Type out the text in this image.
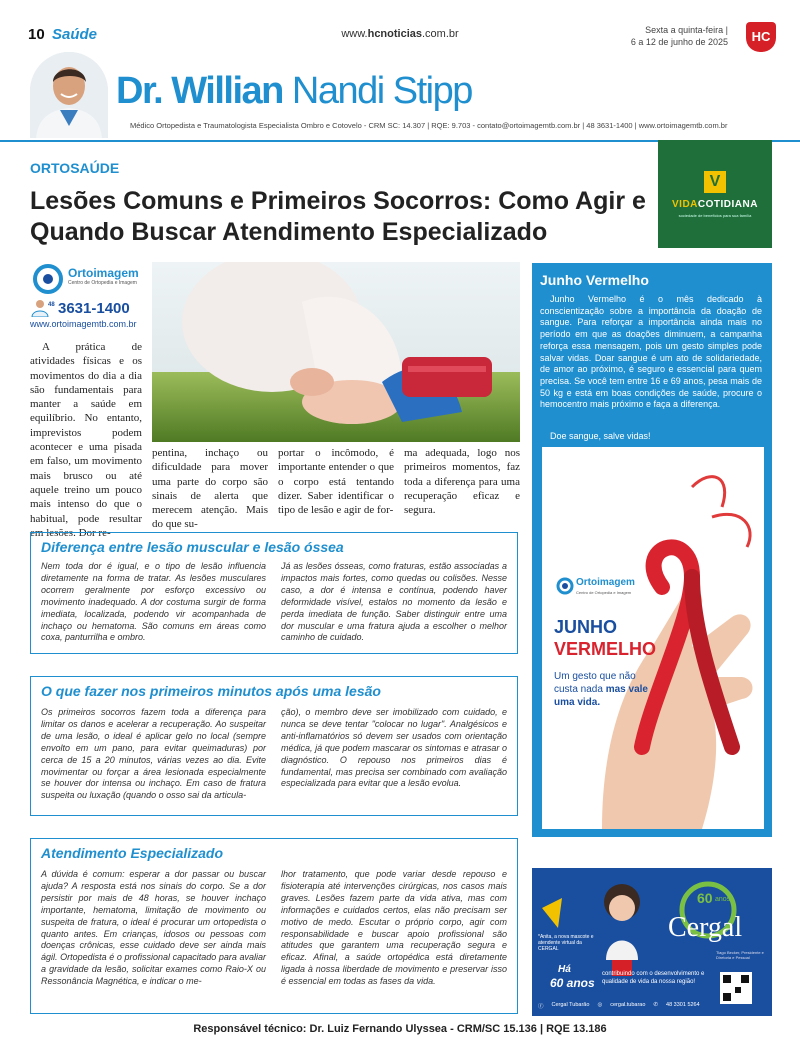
10 Saúde	www.hcnoticias.com.br	Sexta a quinta-feira |
6 a 12 de junho de 2025	HC
Dr. Willian Nandi Stipp
Médico Ortopedista e Traumatologista Especialista Ombro e Cotovelo - CRM SC: 14.307 | RQE: 9.703 - contato@ortoimagemtb.com.br | 48 3631-1400 | www.ortoimagemtb.com.br
ORTOSAÚDE
Lesões Comuns e Primeiros Socorros: Como Agir e Quando Buscar Atendimento Especializado
V
VIDACOTIDIANA
sociedade de benefícios para sua família
Ortoimagem
Centro de Ortopedia e Imagem
48 3631-1400
www.ortoimagemtb.com.br
A prática de atividades físicas e os movimentos do dia a dia são fundamentais para manter a saúde em equilíbrio. No entanto, imprevistos podem acontecer e uma pisada em falso, um movimento mais brusco ou até aquele treino um pouco mais intenso do que o habitual, pode resultar em lesões. Dor re-
pentina, inchaço ou dificuldade para mover uma parte do corpo são sinais de alerta que merecem atenção. Mais do que su-
portar o incômodo, é importante entender o que o corpo está tentando dizer. Saber identificar o tipo de lesão e agir de for-
ma adequada, logo nos primeiros momentos, faz toda a diferença para uma recuperação eficaz e segura.
Diferença entre lesão muscular e lesão óssea
Nem toda dor é igual, e o tipo de lesão influencia diretamente na forma de tratar. As lesões musculares ocorrem geralmente por esforço excessivo ou movimento inadequado. A dor costuma surgir de forma imediata, localizada, podendo vir acompanhada de inchaço ou hematoma. São comuns em áreas como coxa, panturrilha e ombro.
Já as lesões ósseas, como fraturas, estão associadas a impactos mais fortes, como quedas ou colisões. Nesse caso, a dor é intensa e contínua, podendo haver deformidade visível, estalos no momento da lesão e perda imediata de função. Saber distinguir entre uma dor muscular e uma fratura ajuda a escolher o melhor caminho de cuidado.
O que fazer nos primeiros minutos após uma lesão
Os primeiros socorros fazem toda a diferença para limitar os danos e acelerar a recuperação. Ao suspeitar de uma lesão, o ideal é aplicar gelo no local (sempre envolto em um pano, para evitar queimaduras) por cerca de 15 a 20 minutos, várias vezes ao dia. Evite movimentar ou forçar a área lesionada especialmente se houver dor intensa ou inchaço. Em caso de fratura suspeita ou luxação (quando o osso sai da articula-
ção), o membro deve ser imobilizado com cuidado, e nunca se deve tentar "colocar no lugar". Analgésicos e anti-inflamatórios só devem ser usados com orientação médica, já que podem mascarar os sintomas e atrasar o diagnóstico. O repouso nos primeiros dias é fundamental, mas precisa ser combinado com avaliação especializada para evitar que a lesão evolua.
Atendimento Especializado
A dúvida é comum: esperar a dor passar ou buscar ajuda? A resposta está nos sinais do corpo. Se a dor persistir por mais de 48 horas, se houver inchaço importante, hematoma, limitação de movimento ou suspeita de fratura, o ideal é procurar um ortopedista o quanto antes. Em crianças, idosos ou pessoas com doenças crônicas, esse cuidado deve ser ainda mais ágil. Ortopedista é o profissional capacitado para avaliar a gravidade da lesão, solicitar exames como Raio-X ou Ressonância Magnética, e indicar o me-
lhor tratamento, que pode variar desde repouso e fisioterapia até intervenções cirúrgicas, nos casos mais graves. Lesões fazem parte da vida ativa, mas com informações e cuidados certos, elas não precisam ser motivo de medo. Escutar o próprio corpo, agir com responsabilidade e buscar apoio profissional são atitudes que garantem uma recuperação segura e eficaz. Afinal, a saúde ortopédica está diretamente ligada à nossa liberdade de movimento e preservar isso é essencial em todas as fases da vida.
Junho Vermelho
Junho Vermelho é o mês dedicado à conscientização sobre a importância da doação de sangue. Para reforçar a importância ainda mais no período em que as doações diminuem, a campanha reforça essa mensagem, pois um gesto simples pode salvar vidas. Doar sangue é um ato de solidariedade, de amor ao próximo, é seguro e essencial para quem precisa. Se você tem entre 16 e 69 anos, pesa mais de 50 kg e está em boas condições de saúde, procure o hemocentro mais próximo e faça a diferença.
Doe sangue, salve vidas!
Ortoimagem
Centro de Ortopedia e Imagem
JUNHO
VERMELHO
Um gesto que não
custa nada mas vale
uma vida.
60 anos
Cergal
*Anita, a nova mascote e atendente virtual da CERGAL
Tiago Becker, Presidente e Diretoria e Pessoal
Há
60 anos
contribuindo com o desenvolvimento e qualidade de vida da nossa região!
ⓕ Cergal Tubarão ◎ cergal.tubarao ✆ 48 3301 5264
Responsável técnico: Dr. Luiz Fernando Ulyssea - CRM/SC 15.136 | RQE 13.186
